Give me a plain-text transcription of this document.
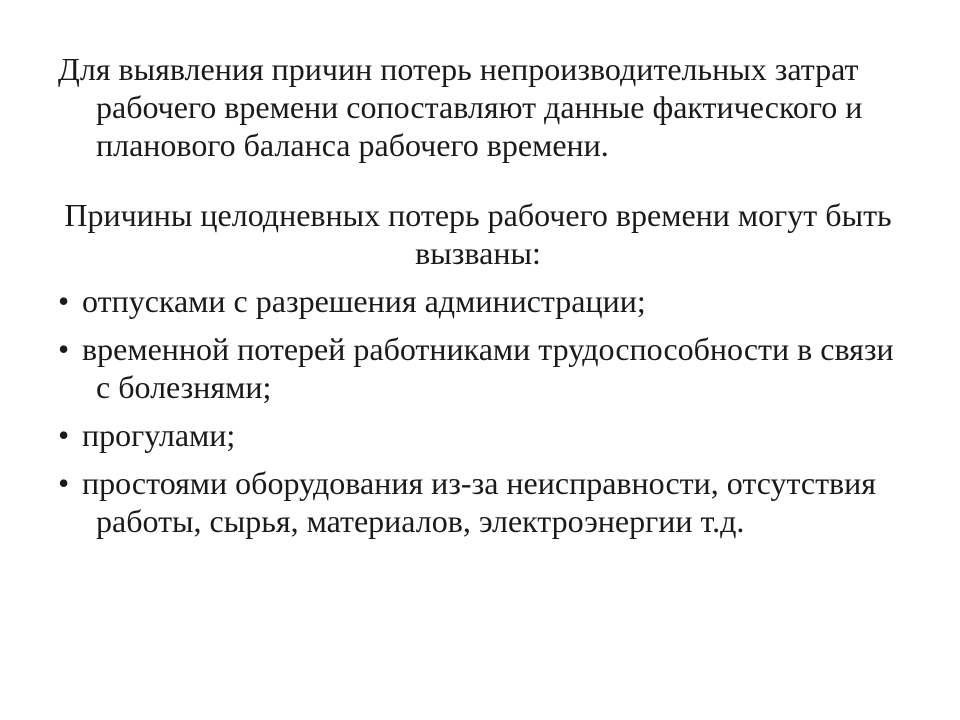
Для выявления причин потерь непроизводительных затрат рабочего времени сопоставляют данные фактического и планового баланса рабочего времени.

Причины целодневных потерь рабочего времени могут быть вызваны:

• отпусками с разрешения администрации;

• временной потерей работниками трудоспособности в связи с болезнями;

• прогулами;

• простоями оборудования из-за неисправности, отсутствия работы, сырья, материалов, электроэнергии т.д.
